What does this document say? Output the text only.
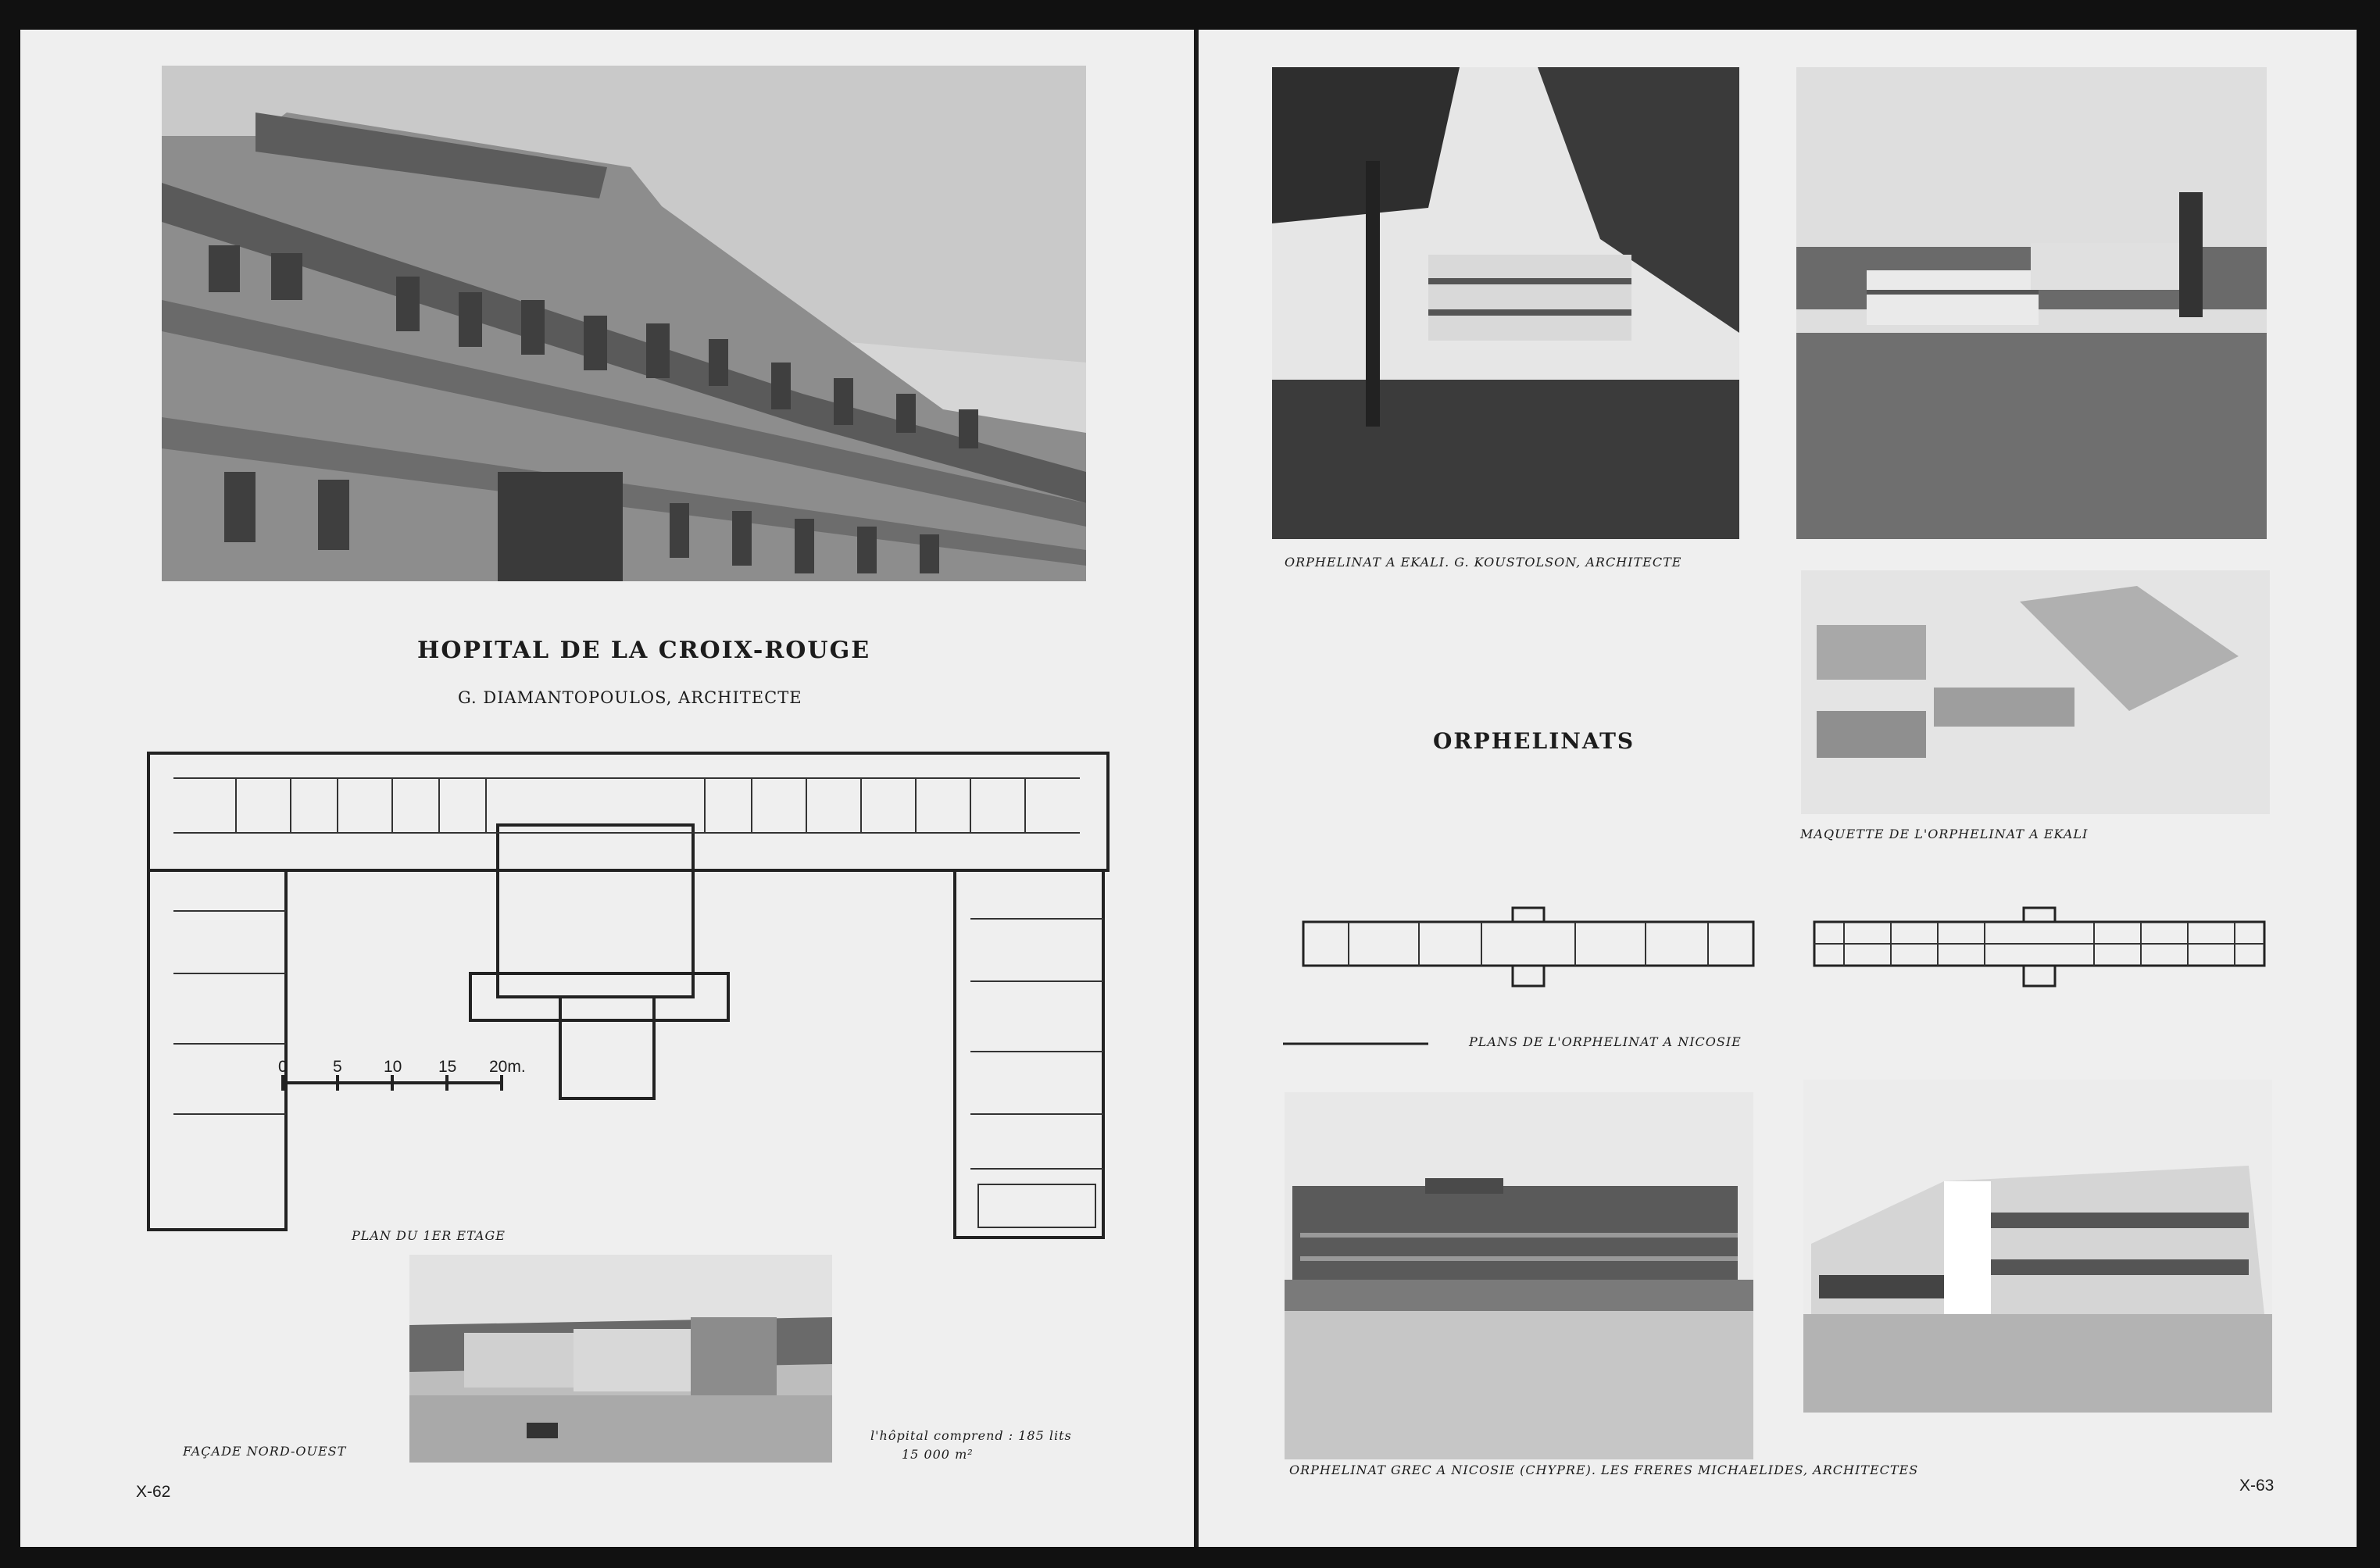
HOPITAL DE LA CROIX-ROUGE
G. DIAMANTOPOULOS, ARCHITECTE
0	5	10 15 20m.
PLAN DU 1ER ETAGE
FAÇADE NORD-OUEST
l'hôpital comprend : 185 lits
15 000 m²
X-62
ORPHELINAT A EKALI. G. KOUSTOLSON, ARCHITECTE
ORPHELINATS
MAQUETTE DE L'ORPHELINAT A EKALI
PLANS DE L'ORPHELINAT A NICOSIE
ORPHELINAT GREC A NICOSIE (CHYPRE). LES FRERES MICHAELIDES, ARCHITECTES
X-63
